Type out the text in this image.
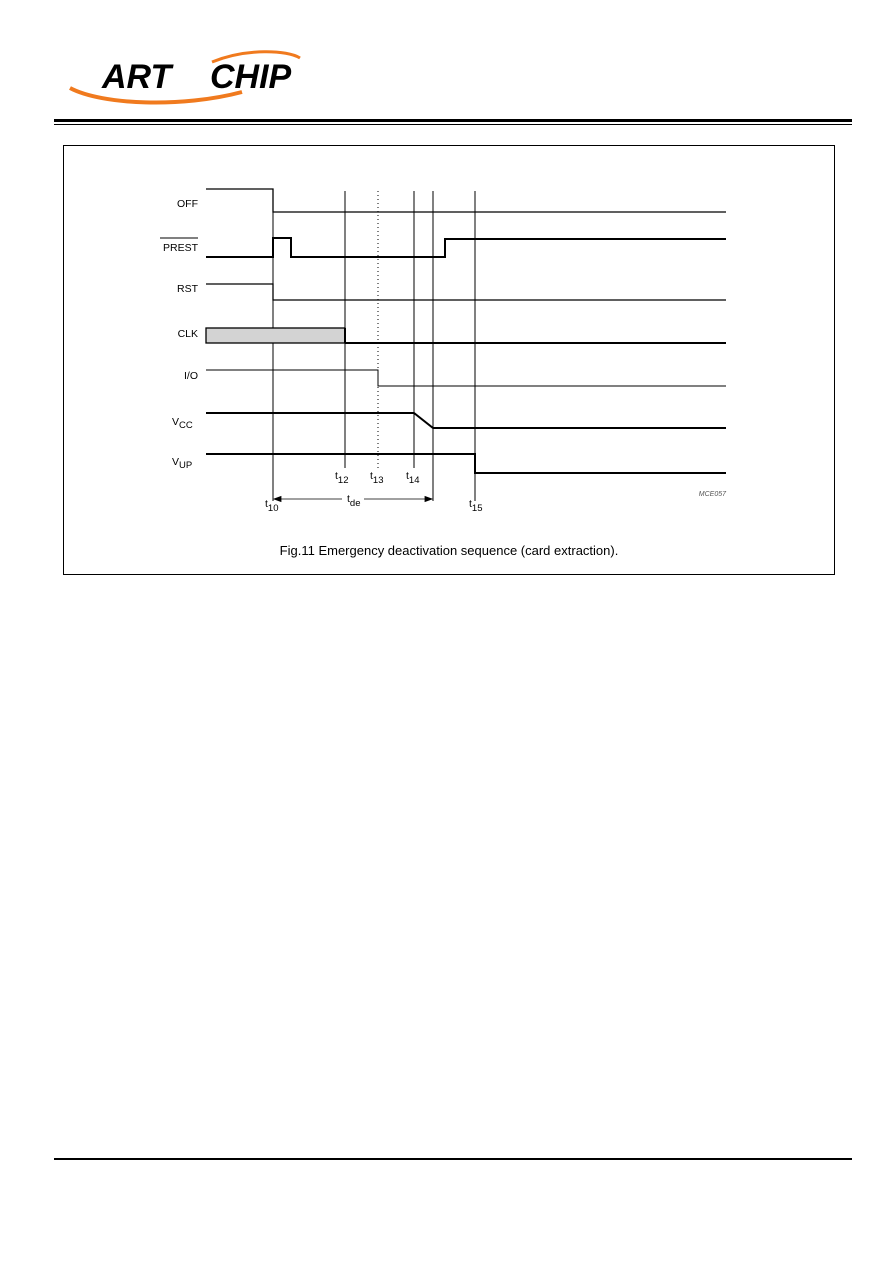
ART CHIP
OFF
PREST
RST
CLK
I/O
VCC
VUP
t10
t12 t13 t14
t15
tde
MCE057
Fig.11 Emergency deactivation sequence (card extraction).
